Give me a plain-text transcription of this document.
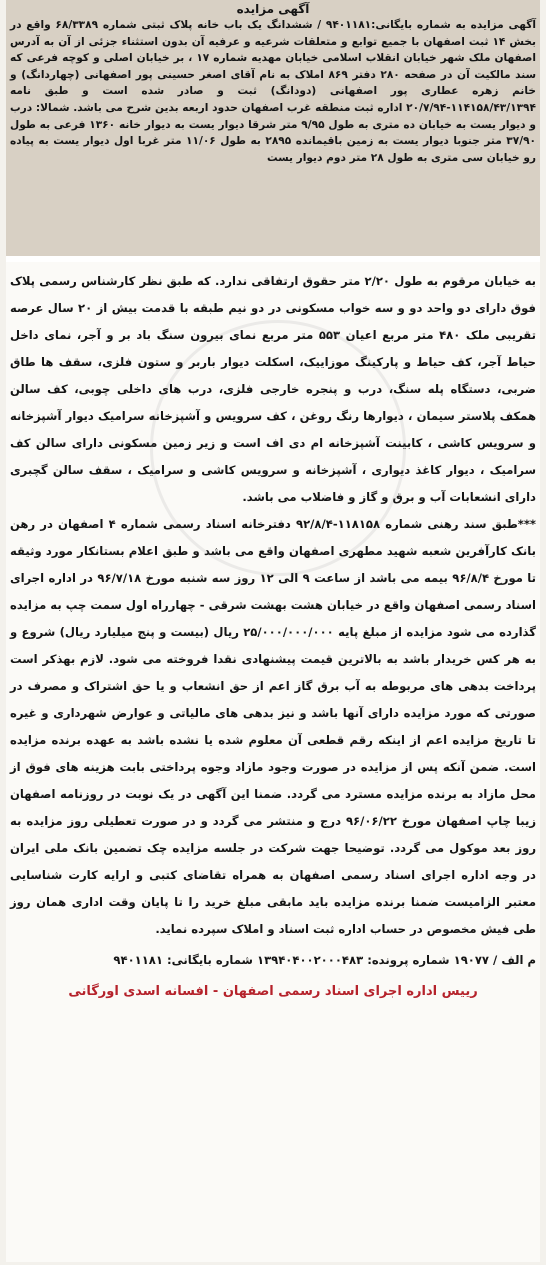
آگهی مزایده

آگهی مزایده به شماره بایگانی:۹۴۰۱۱۸۱ / ششدانگ یک باب خانه پلاک ثبتی شماره ۶۸/۳۳۸۹ واقع در بخش ۱۴ ثبت اصفهان با جمیع توابع و متعلقات شرعیه و عرفیه آن بدون استثناء جزئی از آن به آدرس اصفهان ملک شهر خیابان انقلاب اسلامی خیابان مهدیه شماره ۱۷ ، بر خیابان اصلی و کوچه فرعی که سند مالکیت آن در صفحه ۲۸۰ دفتر ۸۶۹ املاک به نام آقای اصغر حسینی پور اصفهانی (چهاردانگ) و خانم زهره عطاری پور اصفهانی (دودانگ) ثبت و صادر شده است و طبق نامه ۱۱۴۱۵۸/۴۳/۱۳۹۴-۲۰/۷/۹۴ اداره ثبت منطقه غرب اصفهان حدود اربعه بدین شرح می باشد. شمالا: درب و دیوار یست به خیابان ده متری به طول ۹/۹۵ متر شرقا دیوار یست به دیوار خانه ۱۳۶۰ فرعی به طول ۳۷/۹۰ متر جنوبا دیوار یست به زمین باقیمانده ۲۸۹۵ به طول ۱۱/۰۶ متر غربا اول دیوار یست به پیاده رو خیابان سی متری به طول ۲۸ متر دوم دیوار یست

به خیابان مرقوم به طول ۲/۲۰ متر حقوق ارتفاقی ندارد. که طبق نظر کارشناس رسمی پلاک فوق دارای دو واحد دو و سه خواب مسکونی در دو نیم طبقه با قدمت بیش از ۲۰ سال عرصه تقریبی ملک ۴۸۰ متر مربع اعیان ۵۵۳ متر مربع نمای بیرون سنگ باد بر و آجر، نمای داخل حیاط آجر، کف حیاط و پارکینگ موزاییک، اسکلت دیوار باربر و ستون فلزی، سقف ها طاق ضربی، دستگاه پله سنگ، درب و پنجره خارجی فلزی، درب های داخلی چوبی، کف سالن همکف پلاستر سیمان ، دیوارها رنگ روغن ، کف سرویس و آشپزخانه سرامیک دیوار آشپزخانه و سرویس کاشی ، کابینت آشپزخانه ام دی اف است و زیر زمین مسکونی دارای سالن کف سرامیک ، دیوار کاغذ دیواری ، آشپزخانه و سرویس کاشی و سرامیک ، سقف سالن گچبری دارای انشعابات آب و برق و گاز و فاضلاب می باشد.

***طبق سند رهنی شماره ۱۱۸۱۵۸-۹۲/۸/۴ دفترخانه اسناد رسمی شماره ۴ اصفهان در رهن بانک کارآفرین شعبه شهید مطهری اصفهان واقع می باشد و طبق اعلام بستانکار مورد وثیقه تا مورخ ۹۶/۸/۴ بیمه می باشد از ساعت ۹ الی ۱۲ روز سه شنبه مورخ ۹۶/۷/۱۸ در اداره اجرای اسناد رسمی اصفهان واقع در خیابان هشت بهشت شرقی - چهارراه اول سمت چپ به مزایده گذارده می شود مزایده از مبلغ پایه ۲۵/۰۰۰/۰۰۰/۰۰۰ ریال (بیست و پنج میلیارد ریال) شروع و به هر کس خریدار باشد به بالاترین قیمت پیشنهادی نقدا فروخته می شود. لازم بهذکر است پرداخت بدهی های مربوطه به آب برق گاز اعم از حق انشعاب و یا حق اشتراک و مصرف در صورتی که مورد مزایده دارای آنها باشد و نیز بدهی های مالیاتی و عوارض شهرداری و غیره تا تاریخ مزایده اعم از اینکه رقم قطعی آن معلوم شده یا نشده باشد به عهده برنده مزایده است. ضمن آنکه پس از مزایده در صورت وجود مازاد وجوه پرداختی بابت هزینه های فوق از محل مازاد به برنده مزایده مسترد می گردد. ضمنا این آگهی در یک نوبت در روزنامه اصفهان زیبا چاپ اصفهان مورخ ۹۶/۰۶/۲۲ درج و منتشر می گردد و در صورت تعطیلی روز مزایده به روز بعد موکول می گردد. توضیحا جهت شرکت در جلسه مزایده چک تضمین بانک ملی ایران در وجه اداره اجرای اسناد رسمی اصفهان به همراه تقاضای کتبی و ارایه کارت شناسایی معتبر الزامیست ضمنا برنده مزایده باید مابقی مبلغ خرید را تا پایان وقت اداری همان روز طی فیش مخصوص در حساب اداره ثبت اسناد و املاک سپرده نماید.

م الف / ۱۹۰۷۷ شماره پرونده: ۱۳۹۴۰۴۰۰۲۰۰۰۴۸۳ شماره بایگانی: ۹۴۰۱۱۸۱

رییس اداره اجرای اسناد رسمی اصفهان - افسانه اسدی اورگانی
